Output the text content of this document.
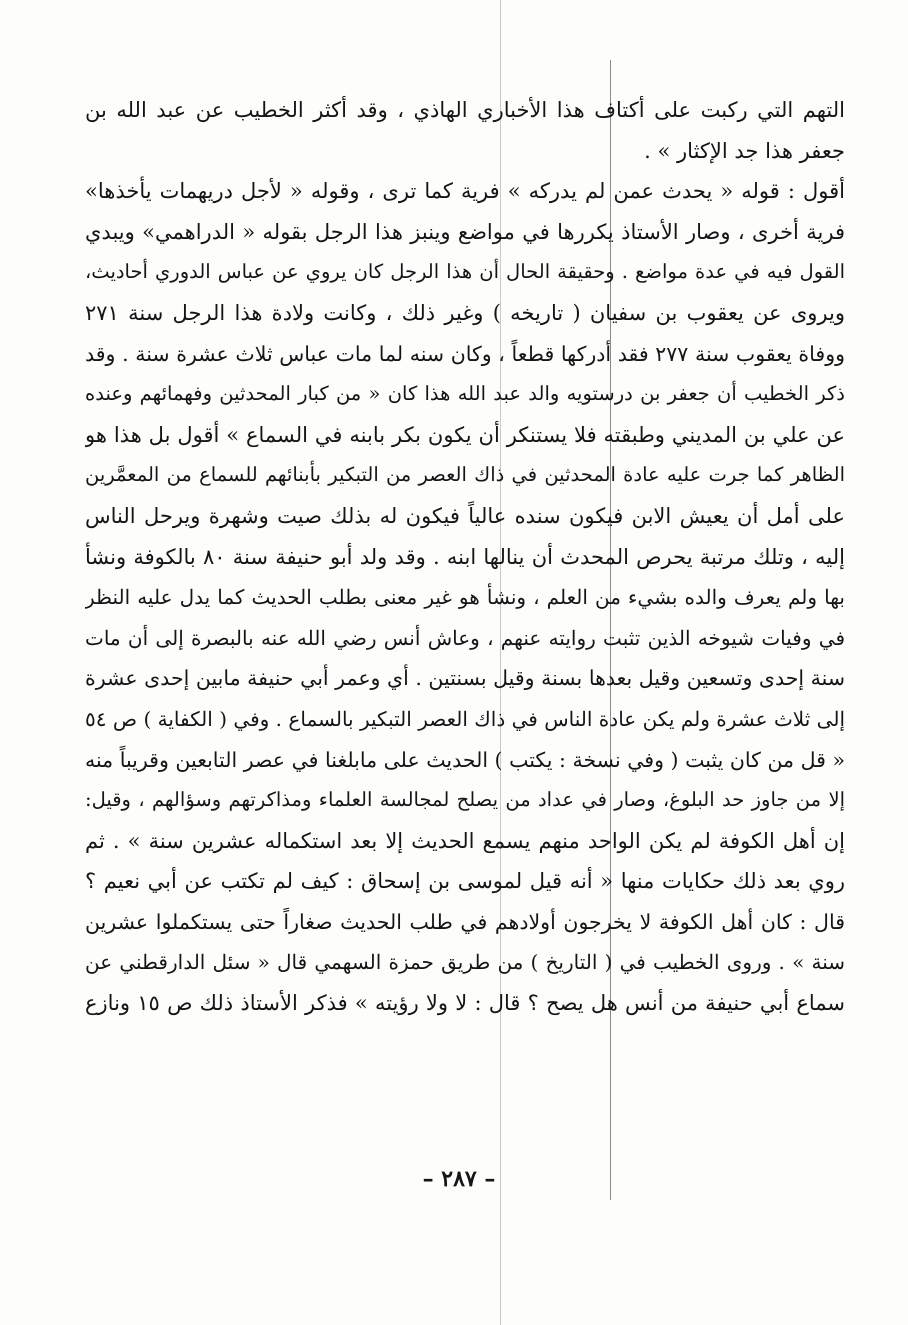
التهم التي ركبت على أكتاف هذا الأخباري الهاذي ، وقد أكثر الخطيب عن عبد الله بن
جعفر هذا جد الإكثار » .
أقول : قوله « يحدث عمن لم يدركه » فرية كما ترى ، وقوله « لأجل دريهمات يأخذها»
فرية أخرى ، وصار الأستاذ يكررها في مواضع وينبز هذا الرجل بقوله « الدراهمي» ويبدي
القول فيه في عدة مواضع . وحقيقة الحال أن هذا الرجل كان يروي عن عباس الدوري أحاديث،
ويروى عن يعقوب بن سفيان ( تاريخه ) وغير ذلك ، وكانت ولادة هذا الرجل سنة ٢٧١
ووفاة يعقوب سنة ٢٧٧ فقد أدركها قطعاً ، وكان سنه لما مات عباس ثلاث عشرة سنة . وقد
ذكر الخطيب أن جعفر بن درستويه والد عبد الله هذا كان « من كبار المحدثين وفهمائهم وعنده
عن علي بن المديني وطبقته فلا يستنكر أن يكون بكر بابنه في السماع » أقول بل هذا هو
الظاهر كما جرت عليه عادة المحدثين في ذاك العصر من التبكير بأبنائهم للسماع من المعمَّرين
على أمل أن يعيش الابن فيكون سنده عالياً فيكون له بذلك صيت وشهرة ويرحل الناس
إليه ، وتلك مرتبة يحرص المحدث أن ينالها ابنه . وقد ولد أبو حنيفة سنة ٨٠ بالكوفة ونشأ
بها ولم يعرف والده بشيء من العلم ، ونشأ هو غير معنى بطلب الحديث كما يدل عليه النظر
في وفيات شيوخه الذين تثبت روايته عنهم ، وعاش أنس رضي الله عنه بالبصرة إلى أن مات
سنة إحدى وتسعين وقيل بعدها بسنة وقيل بسنتين . أي وعمر أبي حنيفة مابين إحدى عشرة
إلى ثلاث عشرة ولم يكن عادة الناس في ذاك العصر التبكير بالسماع . وفي ( الكفاية ) ص ٥٤
« قل من كان يثبت ( وفي نسخة : يكتب ) الحديث على مابلغنا في عصر التابعين وقريباً منه
إلا من جاوز حد البلوغ، وصار في عداد من يصلح لمجالسة العلماء ومذاكرتهم وسؤالهم ، وقيل:
إن أهل الكوفة لم يكن الواحد منهم يسمع الحديث إلا بعد استكماله عشرين سنة » . ثم
روي بعد ذلك حكايات منها « أنه قيل لموسى بن إسحاق : كيف لم تكتب عن أبي نعيم ؟
قال : كان أهل الكوفة لا يخرجون أولادهم في طلب الحديث صغاراً حتى يستكملوا عشرين
سنة » . وروى الخطيب في ( التاريخ ) من طريق حمزة السهمي قال « سئل الدارقطني عن
سماع أبي حنيفة من أنس هل يصح ؟ قال : لا ولا رؤيته » فذكر الأستاذ ذلك ص ١٥ ونازع
– ٢٨٧ –
